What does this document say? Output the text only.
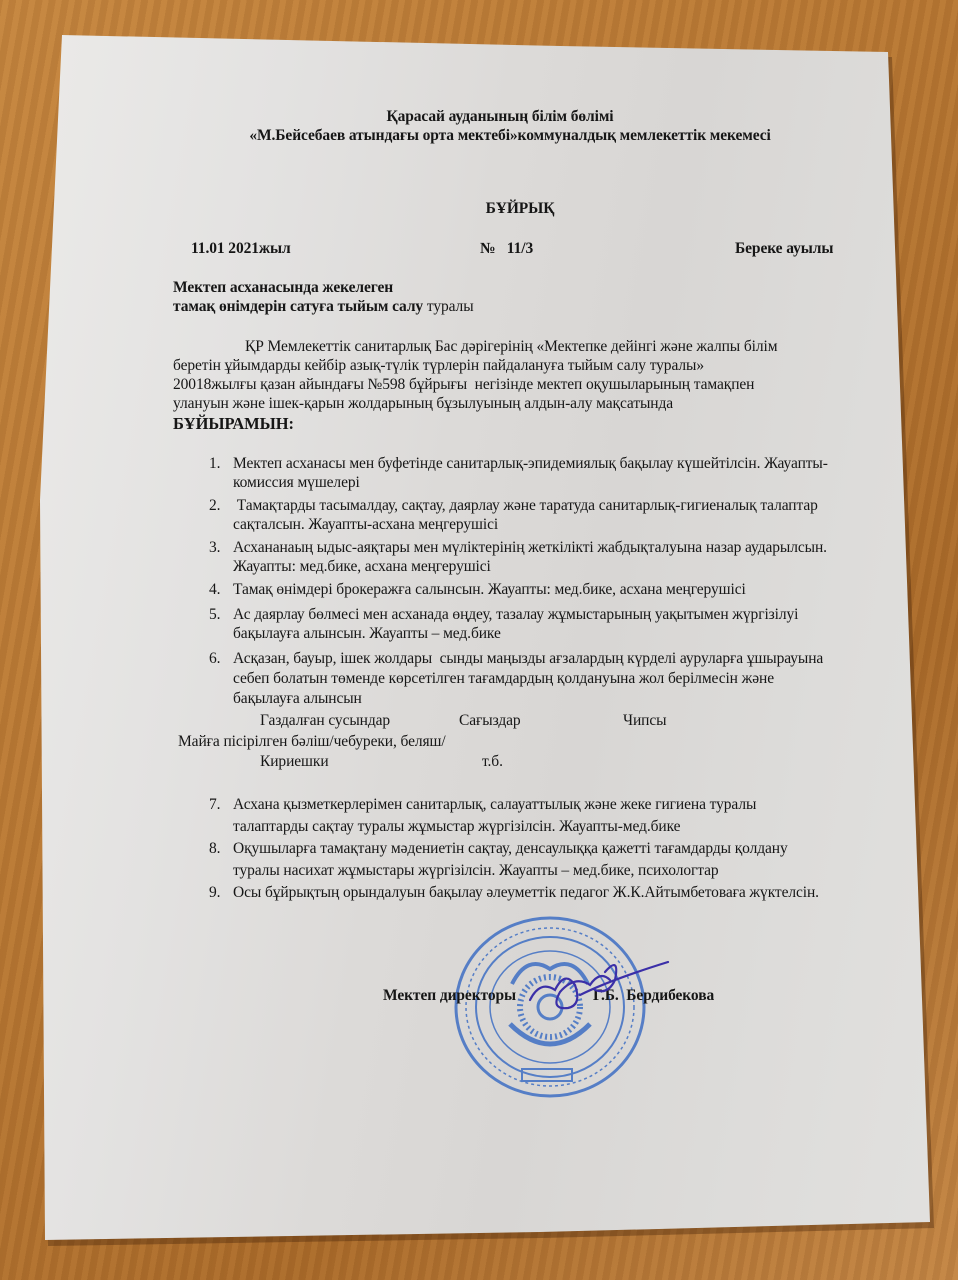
Қарасай ауданының білім бөлімі
«М.Бейсебаев атындағы орта мектебі»коммуналдық мемлекеттік мекемесі
БҰЙРЫҚ
11.01 2021жыл	№   11/3	Береке ауылы
Мектеп асханасында жекелеген
тамақ өнімдерін сатуға тыйым салу туралы
ҚР Мемлекеттік санитарлық Бас дәрігерінің «Мектепке дейінгі және жалпы білім
беретін ұйымдарды кейбір азық-түлік түрлерін пайдалануға тыйым салу туралы»
20018жылғы қазан айындағы №598 бұйрығы  негізінде мектеп оқушыларының тамақпен
улануын және ішек-қарын жолдарының бұзылуының алдын-алу мақсатында
БҰЙЫРАМЫН:
1. Мектеп асханасы мен буфетінде санитарлық-эпидемиялық бақылау күшейтілсін. Жауапты-
комиссия мүшелері
2. Тамақтарды тасымалдау, сақтау, даярлау және таратуда санитарлық-гигиеналық талаптар
сақталсын. Жауапты-асхана меңгерушісі
3. Асхананаың ыдыс-аяқтары мен мүліктерінің жеткілікті жабдықталуына назар аударылсын.
Жауапты: мед.бике, асхана меңгерушісі
4. Тамақ өнімдері брокеражға салынсын. Жауапты: мед.бике, асхана меңгерушісі
5. Ас даярлау бөлмесі мен асханада өңдеу, тазалау жұмыстарының уақытымен жүргізілуі
бақылауға алынсын. Жауапты – мед.бике
6. Асқазан, бауыр, ішек жолдары  сынды маңызды ағзалардың күрделі ауруларға ұшырауына
себеп болатын төменде көрсетілген тағамдардың қолдануына жол берілмесін және
бақылауға алынсын
Газдалған сусындар	Сағыздар	Чипсы
Майға пісірілген бәліш/чебуреки, беляш/
Кириешки	т.б.
7. Асхана қызметкерлерімен санитарлық, салауаттылық және жеке гигиена туралы
талаптарды сақтау туралы жұмыстар жүргізілсін. Жауапты-мед.бике
8. Оқушыларға тамақтану мәдениетін сақтау, денсаулыққа қажетті тағамдарды қолдану
туралы насихат жұмыстары жүргізілсін. Жауапты – мед.бике, психологтар
9. Осы бұйрықтың орындалуын бақылау әлеуметтік педагог Ж.К.Айтымбетоваға жүктелсін.
Мектеп директоры	Г.Б.  Бердибекова
